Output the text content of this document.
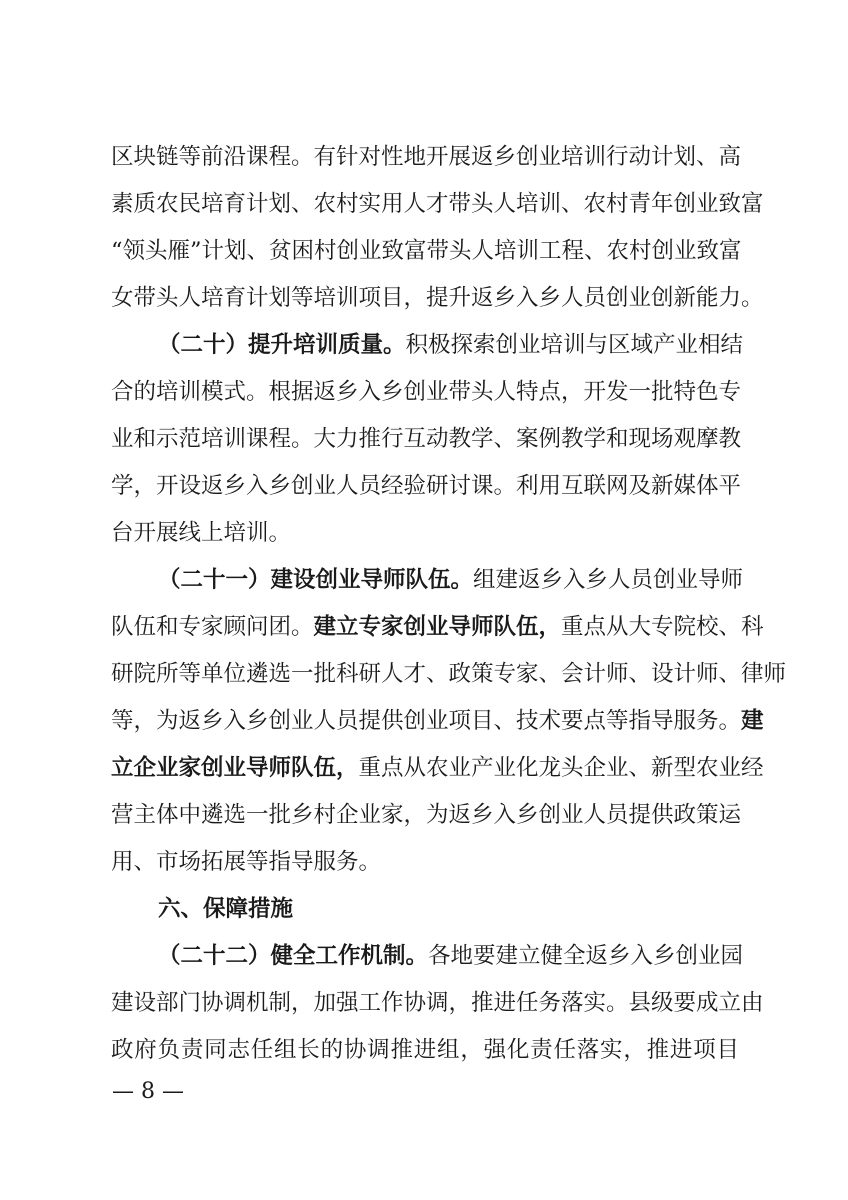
区块链等前沿课程。有针对性地开展返乡创业培训行动计划、高
素质农民培育计划、农村实用人才带头人培训、农村青年创业致富
“领头雁”计划、贫困村创业致富带头人培训工程、农村创业致富
女带头人培育计划等培训项目，提升返乡入乡人员创业创新能力。
（二十）提升培训质量。积极探索创业培训与区域产业相结
合的培训模式。根据返乡入乡创业带头人特点，开发一批特色专
业和示范培训课程。大力推行互动教学、案例教学和现场观摩教
学，开设返乡入乡创业人员经验研讨课。利用互联网及新媒体平
台开展线上培训。
（二十一）建设创业导师队伍。组建返乡入乡人员创业导师
队伍和专家顾问团。建立专家创业导师队伍，重点从大专院校、科
研院所等单位遴选一批科研人才、政策专家、会计师、设计师、律师
等，为返乡入乡创业人员提供创业项目、技术要点等指导服务。建
立企业家创业导师队伍，重点从农业产业化龙头企业、新型农业经
营主体中遴选一批乡村企业家，为返乡入乡创业人员提供政策运
用、市场拓展等指导服务。
六、保障措施
（二十二）健全工作机制。各地要建立健全返乡入乡创业园
建设部门协调机制，加强工作协调，推进任务落实。县级要成立由
政府负责同志任组长的协调推进组，强化责任落实，推进项目
— 8 —
